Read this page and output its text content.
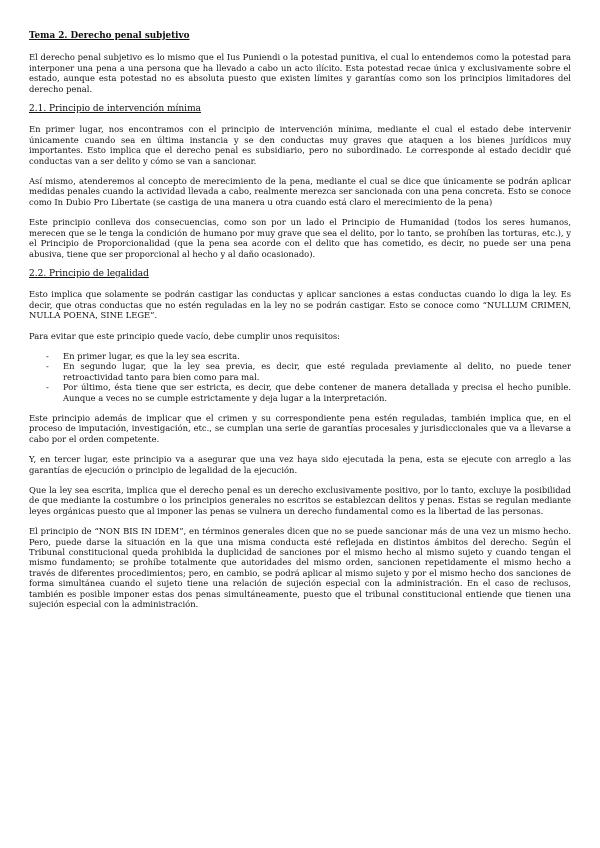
Tema 2. Derecho penal subjetivo

El derecho penal subjetivo es lo mismo que el Ius Puniendi o la potestad punitiva, el cual lo entendemos como la potestad para interponer una pena a una persona que ha llevado a cabo un acto ilícito. Esta potestad recae única y exclusivamente sobre el estado, aunque esta potestad no es absoluta puesto que existen límites y garantías como son los principios limitadores del derecho penal.

2.1. Principio de intervención mínima

En primer lugar, nos encontramos con el principio de intervención mínima, mediante el cual el estado debe intervenir únicamente cuando sea en última instancia y se den conductas muy graves que ataquen a los bienes jurídicos muy importantes. Esto implica que el derecho penal es subsidiario, pero no subordinado. Le corresponde al estado decidir qué conductas van a ser delito y cómo se van a sancionar.

Así mismo, atenderemos al concepto de merecimiento de la pena, mediante el cual se dice que únicamente se podrán aplicar medidas penales cuando la actividad llevada a cabo, realmente merezca ser sancionada con una pena concreta. Esto se conoce como In Dubio Pro Libertate (se castiga de una manera u otra cuando está claro el merecimiento de la pena)

Este principio conlleva dos consecuencias, como son por un lado el Principio de Humanidad (todos los seres humanos, merecen que se le tenga la condición de humano por muy grave que sea el delito, por lo tanto, se prohíben las torturas, etc.), y el Principio de Proporcionalidad (que la pena sea acorde con el delito que has cometido, es decir, no puede ser una pena abusiva, tiene que ser proporcional al hecho y al daño ocasionado).

2.2. Principio de legalidad

Esto implica que solamente se podrán castigar las conductas y aplicar sanciones a estas conductas cuando lo diga la ley. Es decir, que otras conductas que no estén reguladas en la ley no se podrán castigar. Esto se conoce como “NULLUM CRIMEN, NULLA POENA, SINE LEGE”.

Para evitar que este principio quede vacío, debe cumplir unos requisitos:

- En primer lugar, es que la ley sea escrita.
- En segundo lugar, que la ley sea previa, es decir, que esté regulada previamente al delito, no puede tener retroactividad tanto para bien como para mal.
- Por último, ésta tiene que ser estricta, es decir, que debe contener de manera detallada y precisa el hecho punible. Aunque a veces no se cumple estrictamente y deja lugar a la interpretación.

Este principio además de implicar que el crimen y su correspondiente pena estén reguladas, también implica que, en el proceso de imputación, investigación, etc., se cumplan una serie de garantías procesales y jurisdiccionales que va a llevarse a cabo por el orden competente.

Y, en tercer lugar, este principio va a asegurar que una vez haya sido ejecutada la pena, esta se ejecute con arreglo a las garantías de ejecución o principio de legalidad de la ejecución.

Que la ley sea escrita, implica que el derecho penal es un derecho exclusivamente positivo, por lo tanto, excluye la posibilidad de que mediante la costumbre o los principios generales no escritos se establezcan delitos y penas. Estas se regulan mediante leyes orgánicas puesto que al imponer las penas se vulnera un derecho fundamental como es la libertad de las personas.

El principio de “NON BIS IN IDEM”, en términos generales dicen que no se puede sancionar más de una vez un mismo hecho. Pero, puede darse la situación en la que una misma conducta esté reflejada en distintos ámbitos del derecho. Según el Tribunal constitucional queda prohibida la duplicidad de sanciones por el mismo hecho al mismo sujeto y cuando tengan el mismo fundamento; se prohíbe totalmente que autoridades del mismo orden, sancionen repetidamente el mismo hecho a través de diferentes procedimientos; pero, en cambio, se podrá aplicar al mismo sujeto y por el mismo hecho dos sanciones de forma simultánea cuando el sujeto tiene una relación de sujeción especial con la administración. En el caso de reclusos, también es posible imponer estas dos penas simultáneamente, puesto que el tribunal constitucional entiende que tienen una sujeción especial con la administración.
